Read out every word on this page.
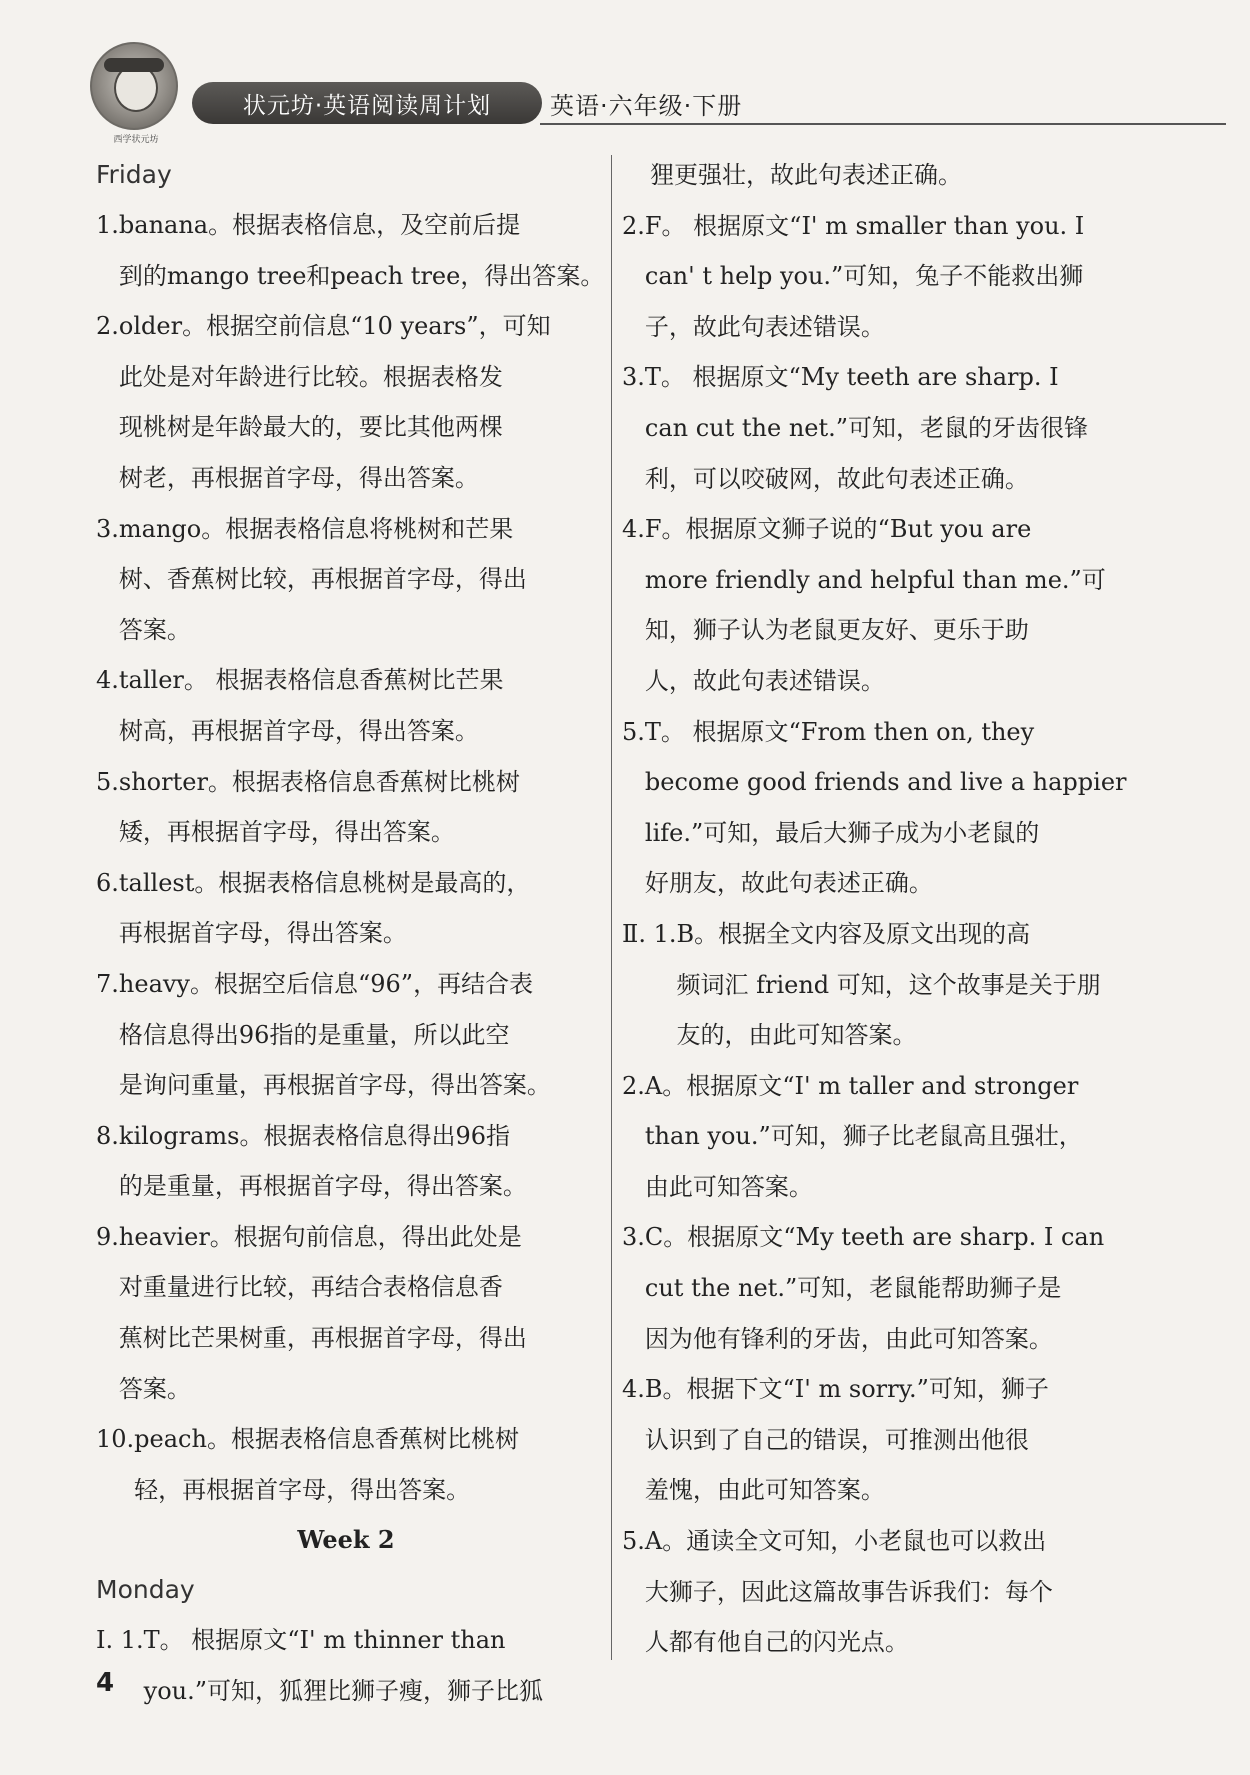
西学状元坊
状元坊·英语阅读周计划	英语·六年级·下册
Friday
1. banana。根据表格信息，及空前后提
到的mango tree和peach tree，得出答案。
2. older。根据空前信息“10 years”，可知
此处是对年龄进行比较。根据表格发
现桃树是年龄最大的，要比其他两棵
树老，再根据首字母，得出答案。
3. mango。根据表格信息将桃树和芒果
树、香蕉树比较，再根据首字母，得出
答案。
4. taller。 根据表格信息香蕉树比芒果
树高，再根据首字母，得出答案。
5. shorter。根据表格信息香蕉树比桃树
矮，再根据首字母，得出答案。
6. tallest。根据表格信息桃树是最高的，
再根据首字母，得出答案。
7. heavy。根据空后信息“96”，再结合表
格信息得出96指的是重量，所以此空
是询问重量，再根据首字母，得出答案。
8. kilograms。根据表格信息得出96指
的是重量，再根据首字母，得出答案。
9. heavier。根据句前信息，得出此处是
对重量进行比较，再结合表格信息香
蕉树比芒果树重，再根据首字母，得出
答案。
10. peach。根据表格信息香蕉树比桃树
轻，再根据首字母，得出答案。
Week 2
Monday
Ⅰ. 1. T。 根据原文“I' m thinner than
you.”可知，狐狸比狮子瘦，狮子比狐
狸更强壮，故此句表述正确。
2. F。 根据原文“I' m smaller than you. I
can' t help you.”可知，兔子不能救出狮
子，故此句表述错误。
3. T。 根据原文“My teeth are sharp. I
can cut the net.”可知，老鼠的牙齿很锋
利，可以咬破网，故此句表述正确。
4. F。根据原文狮子说的“But you are
more friendly and helpful than me.”可
知，狮子认为老鼠更友好、更乐于助
人，故此句表述错误。
5. T。 根据原文“From then on, they
become good friends and live a happier
life.”可知，最后大狮子成为小老鼠的
好朋友，故此句表述正确。
Ⅱ. 1. B。根据全文内容及原文出现的高
频词汇 friend 可知，这个故事是关于朋
友的，由此可知答案。
2. A。根据原文“I' m taller and stronger
than you.”可知，狮子比老鼠高且强壮，
由此可知答案。
3. C。根据原文“My teeth are sharp. I can
cut the net.”可知，老鼠能帮助狮子是
因为他有锋利的牙齿，由此可知答案。
4. B。根据下文“I' m sorry.”可知，狮子
认识到了自己的错误，可推测出他很
羞愧，由此可知答案。
5. A。通读全文可知，小老鼠也可以救出
大狮子，因此这篇故事告诉我们：每个
人都有他自己的闪光点。
4
